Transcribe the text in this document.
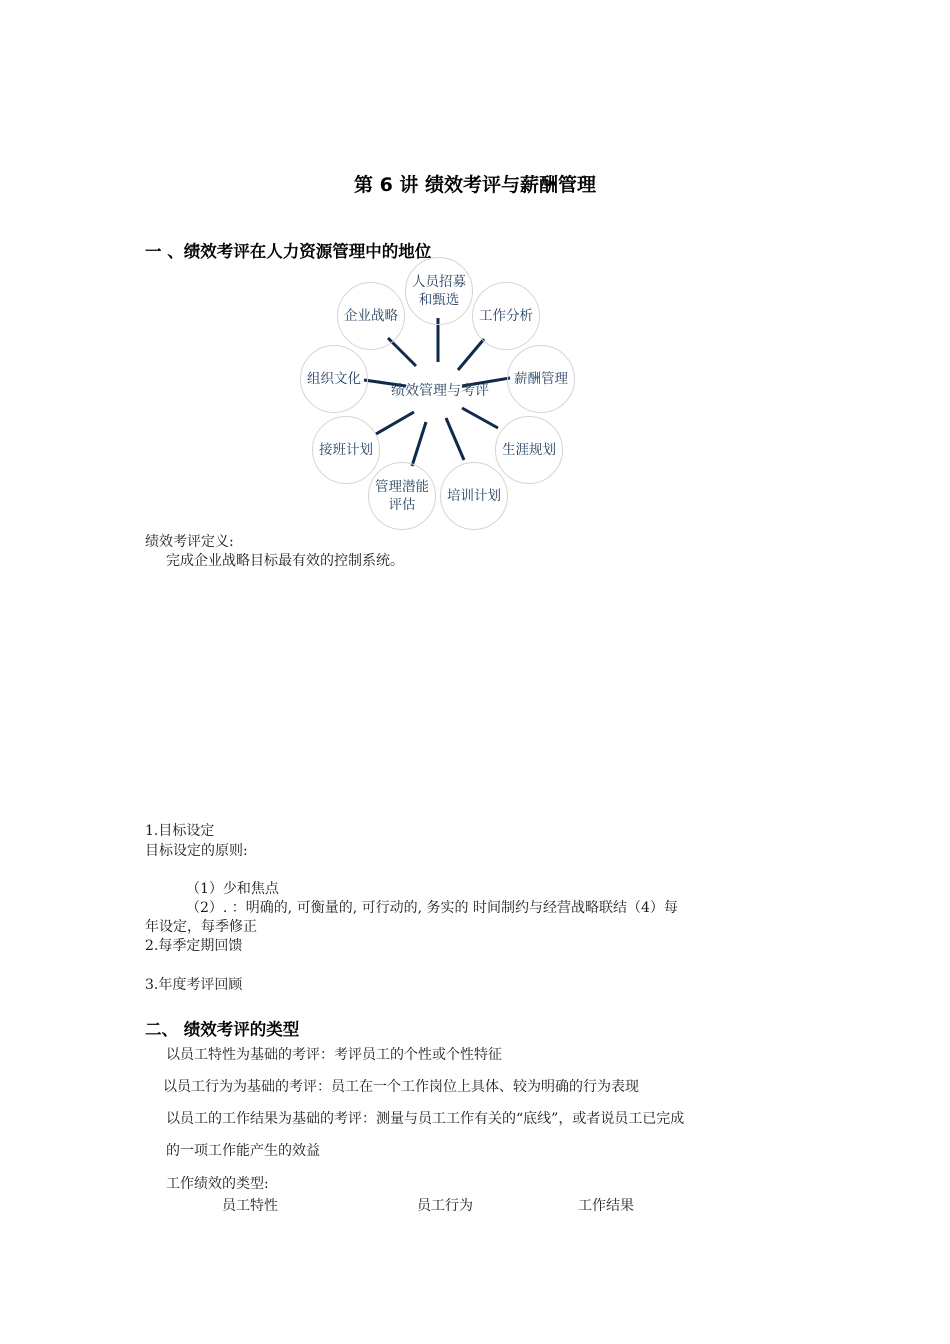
第 6 讲 绩效考评与薪酬管理
一 、绩效考评在人力资源管理中的地位
人员招募和甄选
工作分析
薪酬管理
生涯规划
培训计划
管理潜能评估
接班计划
组织文化
企业战略
绩效管理与考评
绩效考评定义:
完成企业战略目标最有效的控制系统。
1.目标设定
目标设定的原则:
（1）少和焦点
（2）. ：明确的, 可衡量的, 可行动的, 务实的 时间制约与经营战略联结（4）每
年设定，每季修正
2.每季定期回馈
3.年度考评回顾
二、 绩效考评的类型
以员工特性为基础的考评：考评员工的个性或个性特征
以员工行为为基础的考评：员工在一个工作岗位上具体、较为明确的行为表现
以员工的工作结果为基础的考评：测量与员工工作有关的“底线”，或者说员工已完成
的一项工作能产生的效益
工作绩效的类型:
员工特性	员工行为	工作结果
